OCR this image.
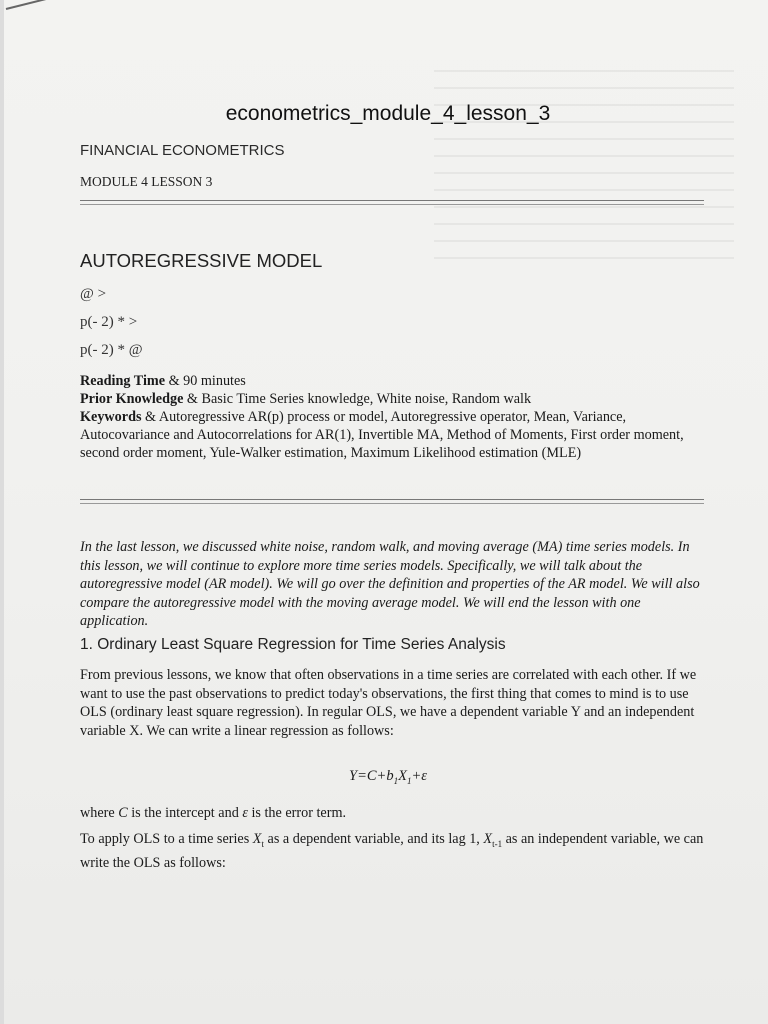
econometrics_module_4_lesson_3
FINANCIAL ECONOMETRICS
MODULE 4 LESSON 3
AUTOREGRESSIVE MODEL
@ >
p(- 2) * >
p(- 2) * @

Reading Time & 90 minutes

Prior Knowledge & Basic Time Series knowledge, White noise, Random walk

Keywords & Autoregressive AR(p) process or model, Autoregressive operator, Mean, Variance, Autocovariance and Autocorrelations for AR(1), Invertible MA, Method of Moments, First order moment, second order moment, Yule-Walker estimation, Maximum Likelihood estimation (MLE)

In the last lesson, we discussed white noise, random walk, and moving average (MA) time series models. In this lesson, we will continue to explore more time series models. Specifically, we will talk about the autoregressive model (AR model). We will go over the definition and properties of the AR model. We will also compare the autoregressive model with the moving average model. We will end the lesson with one application.

1. Ordinary Least Square Regression for Time Series Analysis

From previous lessons, we know that often observations in a time series are correlated with each other. If we want to use the past observations to predict today's observations, the first thing that comes to mind is to use OLS (ordinary least square regression). In regular OLS, we have a dependent variable Y and an independent variable X. We can write a linear regression as follows:

$Y=C+b_1X_1+\varepsilon$

where C is the intercept and ε is the error term.

To apply OLS to a time series $X_t$ as a dependent variable, and its lag 1, $X_{t-1}$ as an independent variable, we can write the OLS as follows:
